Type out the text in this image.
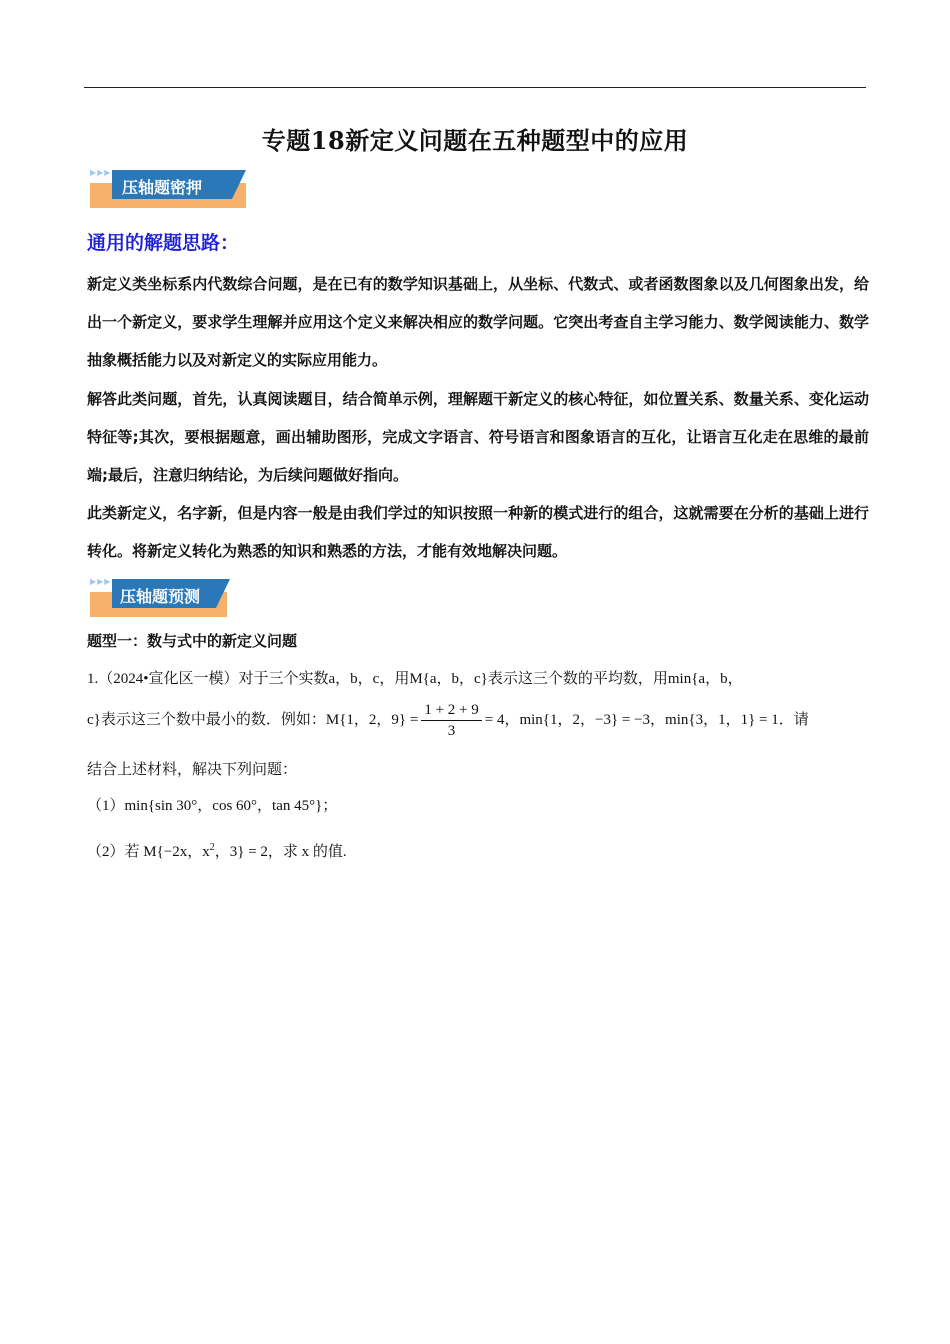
专题18新定义问题在五种题型中的应用
▶▶▶
压轴题密押
通用的解题思路：
新定义类坐标系内代数综合问题，是在已有的数学知识基础上，从坐标、代数式、或者函数图象以及几何图象出发，给出一个新定义，要求学生理解并应用这个定义来解决相应的数学问题。它突出考查自主学习能力、数学阅读能力、数学抽象概括能力以及对新定义的实际应用能力。
解答此类问题，首先，认真阅读题目，结合简单示例，理解题干新定义的核心特征，如位置关系、数量关系、变化运动特征等;其次，要根据题意，画出辅助图形，完成文字语言、符号语言和图象语言的互化，让语言互化走在思维的最前端;最后，注意归纳结论，为后续问题做好指向。
此类新定义，名字新，但是内容一般是由我们学过的知识按照一种新的模式进行的组合，这就需要在分析的基础上进行转化。将新定义转化为熟悉的知识和熟悉的方法，才能有效地解决问题。
▶▶▶
压轴题预测
题型一：数与式中的新定义问题
1.（2024•宣化区一模）对于三个实数a，b，c，用M{a，b，c}表示这三个数的平均数，用min{a，b，
c}表示这三个数中最小的数．例如：M{1，2，$9\} = \frac{1 + 2 + 9}{3} = 4$，min{1，2，−3} = −3，min{3，1，1} = 1．请
结合上述材料，解决下列问题：
（1）min{sin 30°，cos 60°，tan 45°}；
（2）若 M{−2x，$x^2$，3} = 2，求 x 的值.
